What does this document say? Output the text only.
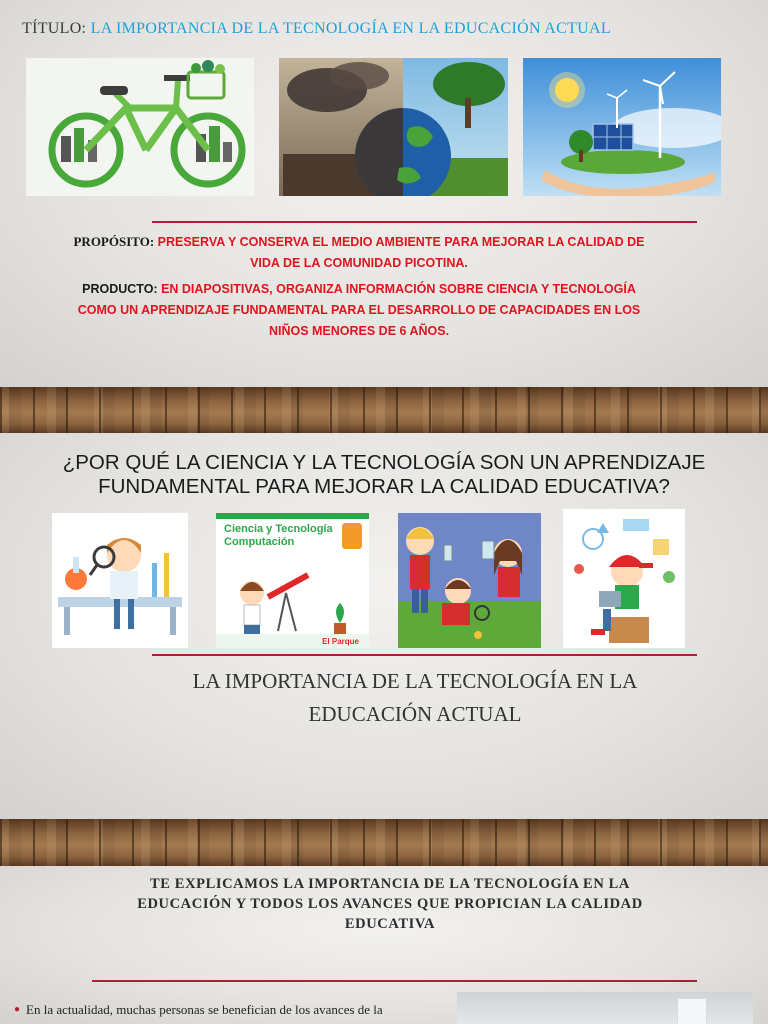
TÍTULO: LA IMPORTANCIA DE LA TECNOLOGÍA EN LA EDUCACIÓN ACTUAL
PROPÓSITO: PRESERVA Y CONSERVA EL MEDIO AMBIENTE PARA MEJORAR LA CALIDAD DE
VIDA DE LA COMUNIDAD PICOTINA.
PRODUCTO: EN DIAPOSITIVAS, ORGANIZA INFORMACIÓN SOBRE CIENCIA Y TECNOLOGÍA
COMO UN APRENDIZAJE FUNDAMENTAL PARA EL DESARROLLO DE CAPACIDADES EN LOS
NIÑOS MENORES DE 6 AÑOS.
¿POR QUÉ LA CIENCIA Y LA TECNOLOGÍA SON UN APRENDIZAJE
FUNDAMENTAL PARA MEJORAR LA CALIDAD EDUCATIVA?
Ciencia y Tecnología
Computación
El Parque
LA IMPORTANCIA DE LA TECNOLOGÍA EN LA
EDUCACIÓN ACTUAL
TE EXPLICAMOS LA IMPORTANCIA DE LA TECNOLOGÍA EN LA
EDUCACIÓN Y TODOS LOS AVANCES QUE PROPICIAN LA CALIDAD
EDUCATIVA
● En la actualidad, muchas personas se benefician de los avances de la
